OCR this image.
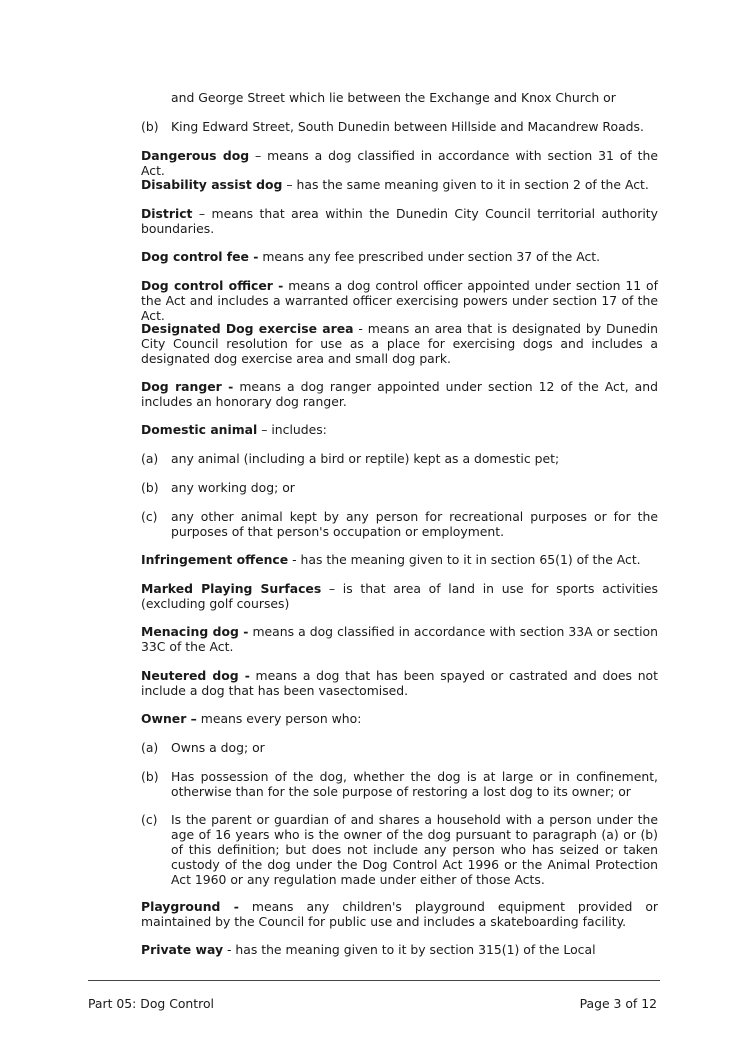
and George Street which lie between the Exchange and Knox Church or
(b)	King Edward Street, South Dunedin between Hillside and Macandrew Roads.

Dangerous dog – means a dog classified in accordance with section 31 of the Act.

Disability assist dog – has the same meaning given to it in section 2 of the Act.

District – means that area within the Dunedin City Council territorial authority boundaries.

Dog control fee - means any fee prescribed under section 37 of the Act.

Dog control officer - means a dog control officer appointed under section 11 of the Act and includes a warranted officer exercising powers under section 17 of the Act.

Designated Dog exercise area - means an area that is designated by Dunedin City Council resolution for use as a place for exercising dogs and includes a designated dog exercise area and small dog park.

Dog ranger - means a dog ranger appointed under section 12 of the Act, and includes an honorary dog ranger.

Domestic animal – includes:

(a)	any animal (including a bird or reptile) kept as a domestic pet;
(b)	any working dog; or
(c)	any other animal kept by any person for recreational purposes or for the purposes of that person's occupation or employment.

Infringement offence - has the meaning given to it in section 65(1) of the Act.

Marked Playing Surfaces – is that area of land in use for sports activities (excluding golf courses)

Menacing dog - means a dog classified in accordance with section 33A or section 33C of the Act.

Neutered dog - means a dog that has been spayed or castrated and does not include a dog that has been vasectomised.

Owner – means every person who:

(a)	Owns a dog; or
(b)	Has possession of the dog, whether the dog is at large or in confinement, otherwise than for the sole purpose of restoring a lost dog to its owner; or
(c)	Is the parent or guardian of and shares a household with a person under the age of 16 years who is the owner of the dog pursuant to paragraph (a) or (b) of this definition; but does not include any person who has seized or taken custody of the dog under the Dog Control Act 1996 or the Animal Protection Act 1960 or any regulation made under either of those Acts.

Playground - means any children's playground equipment provided or maintained by the Council for public use and includes a skateboarding facility.

Private way - has the meaning given to it by section 315(1) of the Local

Part 05: Dog Control	Page 3 of 12
